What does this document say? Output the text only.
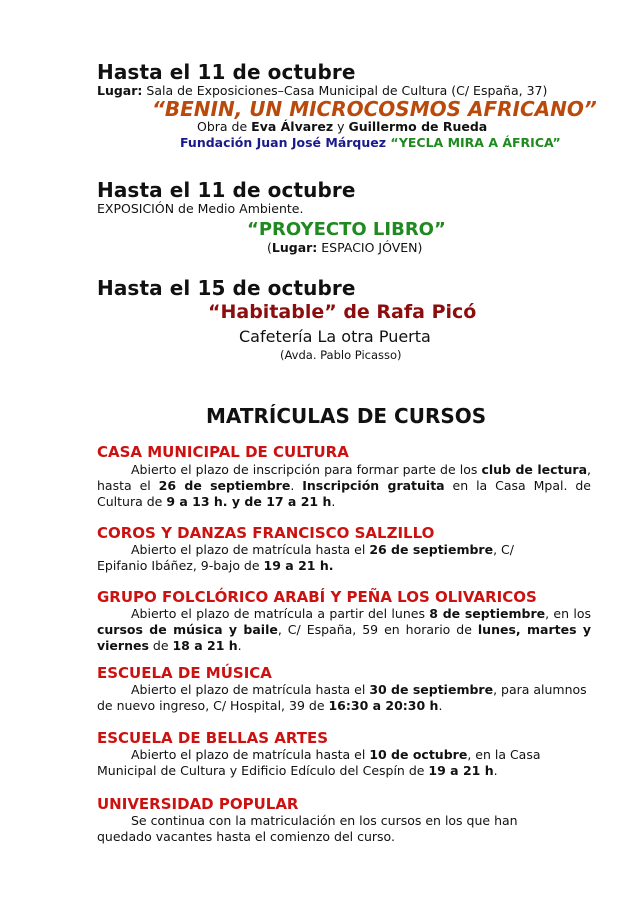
Hasta el 11 de octubre
Lugar: Sala de Exposiciones–Casa Municipal de Cultura (C/ España, 37)
“BENIN, UN MICROCOSMOS AFRICANO”
Obra de Eva Álvarez y Guillermo de Rueda
Fundación Juan José Márquez “YECLA MIRA A ÁFRICA”
Hasta el 11 de octubre
EXPOSICIÓN de Medio Ambiente.
“PROYECTO LIBRO”
(Lugar: ESPACIO JÓVEN)
Hasta el 15 de octubre
“Habitable” de Rafa Picó
Cafetería La otra Puerta
(Avda. Pablo Picasso)
MATRÍCULAS DE CURSOS
CASA MUNICIPAL DE CULTURA
Abierto el plazo de inscripción para formar parte de los club de lectura, hasta el 26 de septiembre. Inscripción gratuita en la Casa Mpal. de Cultura de 9 a 13 h. y de 17 a 21 h.
COROS Y DANZAS FRANCISCO SALZILLO
Abierto el plazo de matrícula hasta el 26 de septiembre, C/ Epifanio Ibáñez, 9-bajo de 19 a 21 h.
GRUPO FOLCLÓRICO ARABÍ Y PEÑA LOS OLIVARICOS
Abierto el plazo de matrícula a partir del lunes 8 de septiembre, en los cursos de música y baile, C/ España, 59 en horario de lunes, martes y viernes de 18 a 21 h.
ESCUELA DE MÚSICA
Abierto el plazo de matrícula hasta el 30 de septiembre, para alumnos de nuevo ingreso, C/ Hospital, 39 de 16:30 a 20:30 h.
ESCUELA DE BELLAS ARTES
Abierto el plazo de matrícula hasta el 10 de octubre, en la Casa Municipal de Cultura y Edificio Edículo del Cespín de 19 a 21 h.
UNIVERSIDAD POPULAR
Se continua con la matriculación en los cursos en los que han quedado vacantes hasta el comienzo del curso.
